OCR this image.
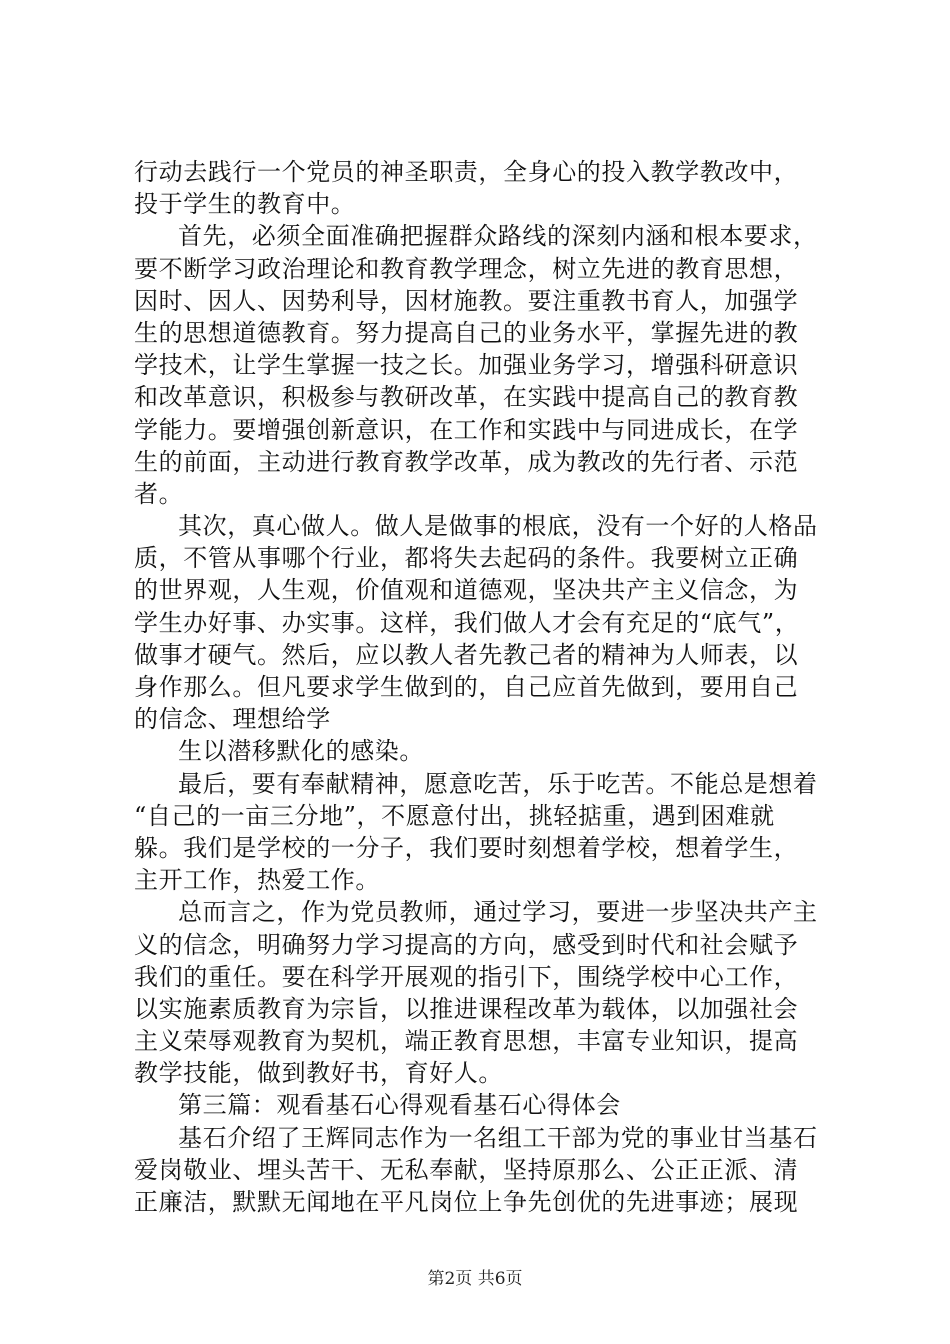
行动去践行一个党员的神圣职责，全身心的投入教学教改中，
投于学生的教育中。
首先，必须全面准确把握群众路线的深刻内涵和根本要求，
要不断学习政治理论和教育教学理念，树立先进的教育思想，
因时、因人、因势利导，因材施教。要注重教书育人，加强学
生的思想道德教育。努力提高自己的业务水平，掌握先进的教
学技术，让学生掌握一技之长。加强业务学习，增强科研意识
和改革意识，积极参与教研改革，在实践中提高自己的教育教
学能力。要增强创新意识，在工作和实践中与同进成长，在学
生的前面，主动进行教育教学改革，成为教改的先行者、示范
者。
其次，真心做人。做人是做事的根底，没有一个好的人格品
质，不管从事哪个行业，都将失去起码的条件。我要树立正确
的世界观，人生观，价值观和道德观，坚决共产主义信念，为
学生办好事、办实事。这样，我们做人才会有充足的“底气”，
做事才硬气。然后，应以教人者先教己者的精神为人师表，以
身作那么。但凡要求学生做到的，自己应首先做到，要用自己
的信念、理想给学
生以潜移默化的感染。
最后，要有奉献精神，愿意吃苦，乐于吃苦。不能总是想着
“自己的一亩三分地”，不愿意付出，挑轻掂重，遇到困难就
躲。我们是学校的一分子，我们要时刻想着学校，想着学生，
主开工作，热爱工作。
总而言之，作为党员教师，通过学习，要进一步坚决共产主
义的信念，明确努力学习提高的方向，感受到时代和社会赋予
我们的重任。要在科学开展观的指引下，围绕学校中心工作，
以实施素质教育为宗旨，以推进课程改革为载体，以加强社会
主义荣辱观教育为契机，端正教育思想，丰富专业知识，提高
教学技能，做到教好书，育好人。
第三篇：观看基石心得观看基石心得体会
基石介绍了王辉同志作为一名组工干部为党的事业甘当基石
爱岗敬业、埋头苦干、无私奉献，坚持原那么、公正正派、清
正廉洁，默默无闻地在平凡岗位上争先创优的先进事迹；展现
第2页 共6页
